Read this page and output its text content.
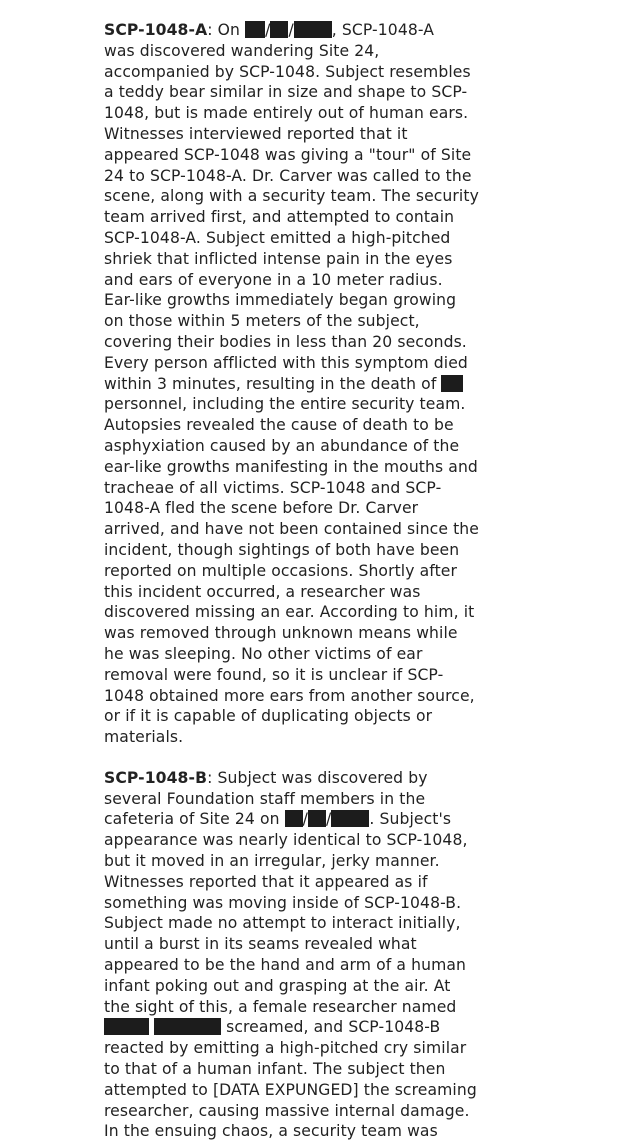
SCP-1048-A: On / / , SCP-1048-A
was discovered wandering Site 24,
accompanied by SCP-1048. Subject resembles
a teddy bear similar in size and shape to SCP-
1048, but is made entirely out of human ears.
Witnesses interviewed reported that it
appeared SCP-1048 was giving a "tour" of Site
24 to SCP-1048-A. Dr. Carver was called to the
scene, along with a security team. The security
team arrived first, and attempted to contain
SCP-1048-A. Subject emitted a high-pitched
shriek that inflicted intense pain in the eyes
and ears of everyone in a 10 meter radius.
Ear-like growths immediately began growing
on those within 5 meters of the subject,
covering their bodies in less than 20 seconds.
Every person afflicted with this symptom died
within 3 minutes, resulting in the death of
personnel, including the entire security team.
Autopsies revealed the cause of death to be
asphyxiation caused by an abundance of the
ear-like growths manifesting in the mouths and
tracheae of all victims. SCP-1048 and SCP-
1048-A fled the scene before Dr. Carver
arrived, and have not been contained since the
incident, though sightings of both have been
reported on multiple occasions. Shortly after
this incident occurred, a researcher was
discovered missing an ear. According to him, it
was removed through unknown means while
he was sleeping. No other victims of ear
removal were found, so it is unclear if SCP-
1048 obtained more ears from another source,
or if it is capable of duplicating objects or
materials.

SCP-1048-B: Subject was discovered by
several Foundation staff members in the
cafeteria of Site 24 on / / . Subject's
appearance was nearly identical to SCP-1048,
but it moved in an irregular, jerky manner.
Witnesses reported that it appeared as if
something was moving inside of SCP-1048-B.
Subject made no attempt to interact initially,
until a burst in its seams revealed what
appeared to be the hand and arm of a human
infant poking out and grasping at the air. At
the sight of this, a female researcher named
screamed, and SCP-1048-B
reacted by emitting a high-pitched cry similar
to that of a human infant. The subject then
attempted to [DATA EXPUNGED] the screaming
researcher, causing massive internal damage.
In the ensuing chaos, a security team was
